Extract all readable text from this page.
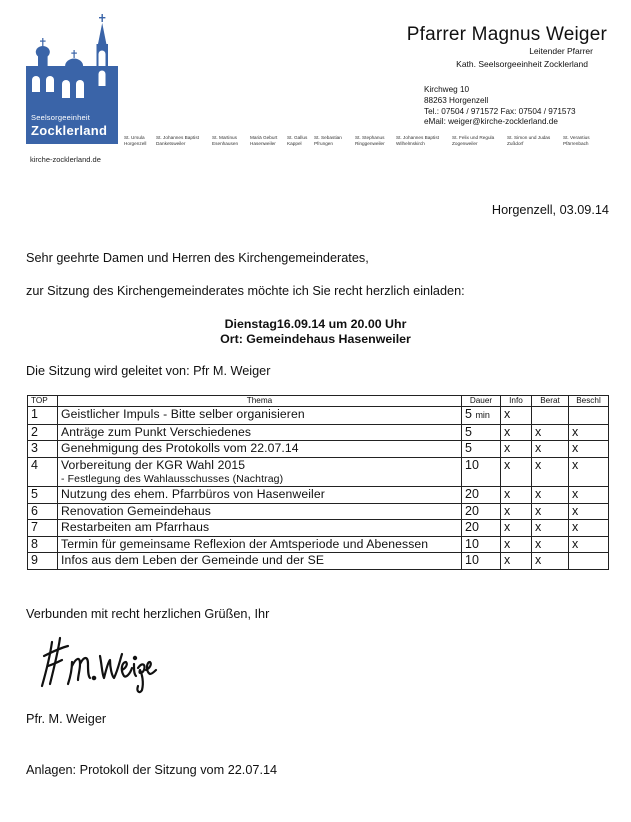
Seelsorgeeinheit
Zocklerland
kirche-zocklerland.de
Pfarrer Magnus Weiger
Leitender Pfarrer
Kath. Seelsorgeeinheit Zocklerland
Kirchweg 10
88263 Horgenzell
Tel.: 07504 / 971572 Fax: 07504 / 971573
eMail: weiger@kirche-zocklerland.de
St. Ursula
Horgenzell
St. Johannes Baptist
Danketsweiler
St. Martinus
Esenhausen
Mariä Geburt
Hasenweiler
St. Gallus
Kappel
St. Sebastian
Pfrungen
St. Stephanus
Ringgenweiler
St. Johannes Baptist
Wilhelmskirch
St. Felix und Regula
Zogenweiler
St. Simon und Judas
Zußdorf
St. Verantius
Pfärrenbach
Horgenzell, 03.09.14
Sehr geehrte Damen und Herren des Kirchengemeinderates,
zur Sitzung des Kirchengemeinderates möchte ich Sie recht herzlich einladen:
Dienstag16.09.14 um 20.00 Uhr
Ort: Gemeindehaus Hasenweiler
Die Sitzung wird geleitet von: Pfr M. Weiger
TOP	Thema	Dauer	Info	Berat	Beschl
1	Geistlicher Impuls - Bitte selber organisieren	5 min	x		
2	Anträge zum Punkt Verschiedenes	5	x	x	x
3	Genehmigung des Protokolls vom 22.07.14	5	x	x	x
4	Vorbereitung der KGR Wahl 2015
- Festlegung des Wahlausschusses (Nachtrag)	10	x	x	x
5	Nutzung des ehem. Pfarrbüros von Hasenweiler	20	x	x	x
6	Renovation Gemeindehaus	20	x	x	x
7	Restarbeiten am Pfarrhaus	20	x	x	x
8	Termin für gemeinsame Reflexion der Amtsperiode und Abenessen	10	x	x	x
9	Infos aus dem Leben der Gemeinde und der SE	10	x	x	
Verbunden mit recht herzlichen Grüßen, Ihr
Pfr. M. Weiger
Anlagen: Protokoll der Sitzung vom 22.07.14
